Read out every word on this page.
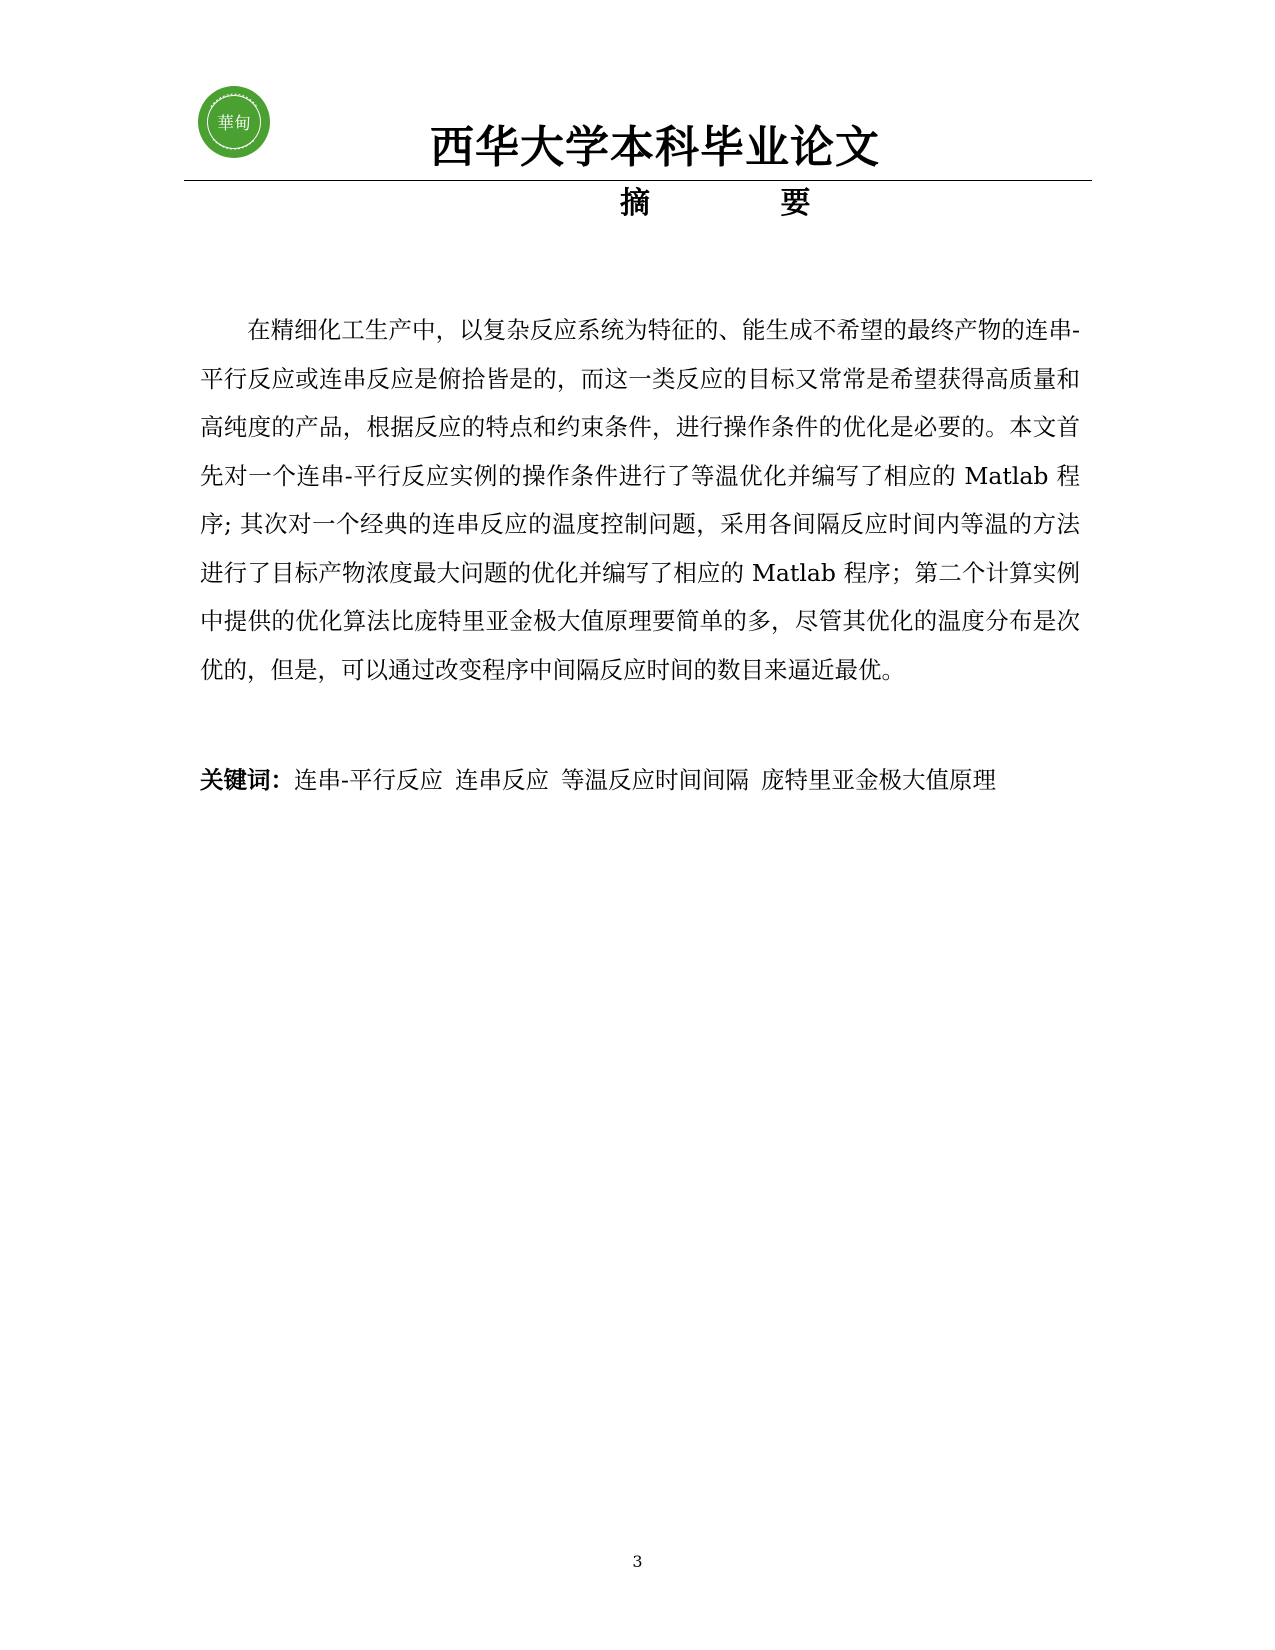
華甸	西华大学本科毕业论文
摘 要

在精细化工生产中，以复杂反应系统为特征的、能生成不希望的最终产物的连串-平行反应或连串反应是俯拾皆是的，而这一类反应的目标又常常是希望获得高质量和高纯度的产品，根据反应的特点和约束条件，进行操作条件的优化是必要的。本文首先对一个连串-平行反应实例的操作条件进行了等温优化并编写了相应的 Matlab 程序; 其次对一个经典的连串反应的温度控制问题，采用各间隔反应时间内等温的方法进行了目标产物浓度最大问题的优化并编写了相应的 Matlab 程序；第二个计算实例中提供的优化算法比庞特里亚金极大值原理要简单的多，尽管其优化的温度分布是次优的，但是，可以通过改变程序中间隔反应时间的数目来逼近最优。

关键词：连串-平行反应 连串反应 等温反应时间间隔 庞特里亚金极大值原理

3
